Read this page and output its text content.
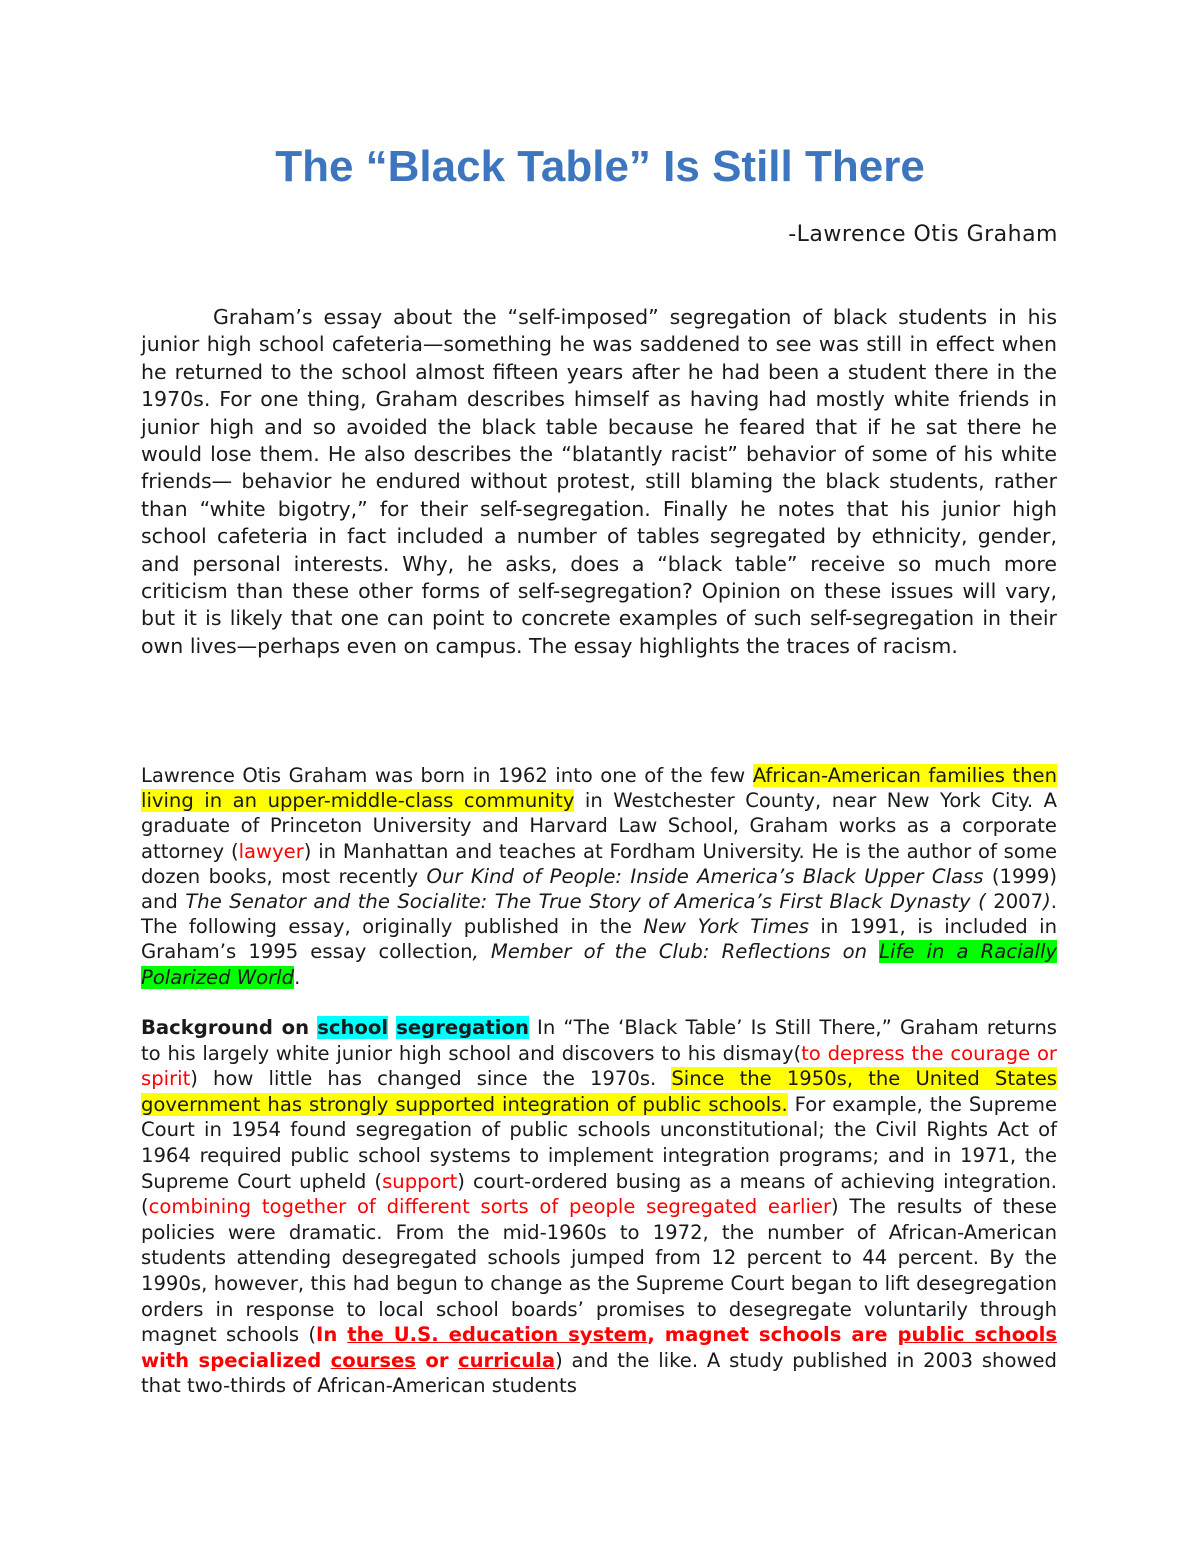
The “Black Table” Is Still There
-Lawrence Otis Graham

Graham’s essay about the “self-imposed” segregation of black students in his junior high school cafeteria—something he was saddened to see was still in effect when he returned to the school almost fifteen years after he had been a student there in the 1970s. For one thing, Graham describes himself as having had mostly white friends in junior high and so avoided the black table because he feared that if he sat there he would lose them. He also describes the “blatantly racist” behavior of some of his white friends— behavior he endured without protest, still blaming the black students, rather than “white bigotry,” for their self-segregation. Finally he notes that his junior high school cafeteria in fact included a number of tables segregated by ethnicity, gender, and personal interests. Why, he asks, does a “black table” receive so much more criticism than these other forms of self-segregation? Opinion on these issues will vary, but it is likely that one can point to concrete examples of such self-segregation in their own lives—perhaps even on campus. The essay highlights the traces of racism.

Lawrence Otis Graham was born in 1962 into one of the few African-American families then living in an upper-middle-class community in Westchester County, near New York City. A graduate of Princeton University and Harvard Law School, Graham works as a corporate attorney (lawyer) in Manhattan and teaches at Fordham University. He is the author of some dozen books, most recently Our Kind of People: Inside America’s Black Upper Class (1999) and The Senator and the Socialite: The True Story of America’s First Black Dynasty ( 2007). The following essay, originally published in the New York Times in 1991, is included in Graham’s 1995 essay collection, Member of the Club: Reflections on Life in a Racially Polarized World.

Background on school segregation In “The ‘Black Table’ Is Still There,” Graham returns to his largely white junior high school and discovers to his dismay(to depress the courage or spirit) how little has changed since the 1970s. Since the 1950s, the United States government has strongly supported integration of public schools. For example, the Supreme Court in 1954 found segregation of public schools unconstitutional; the Civil Rights Act of 1964 required public school systems to implement integration programs; and in 1971, the Supreme Court upheld (support) court-ordered busing as a means of achieving integration.(combining together of different sorts of people segregated earlier) The results of these policies were dramatic. From the mid-1960s to 1972, the number of African-American students attending desegregated schools jumped from 12 percent to 44 percent. By the 1990s, however, this had begun to change as the Supreme Court began to lift desegregation orders in response to local school boards’ promises to desegregate voluntarily through magnet schools (In the U.S. education system, magnet schools are public schools with specialized courses or curricula) and the like. A study published in 2003 showed that two-thirds of African-American students
